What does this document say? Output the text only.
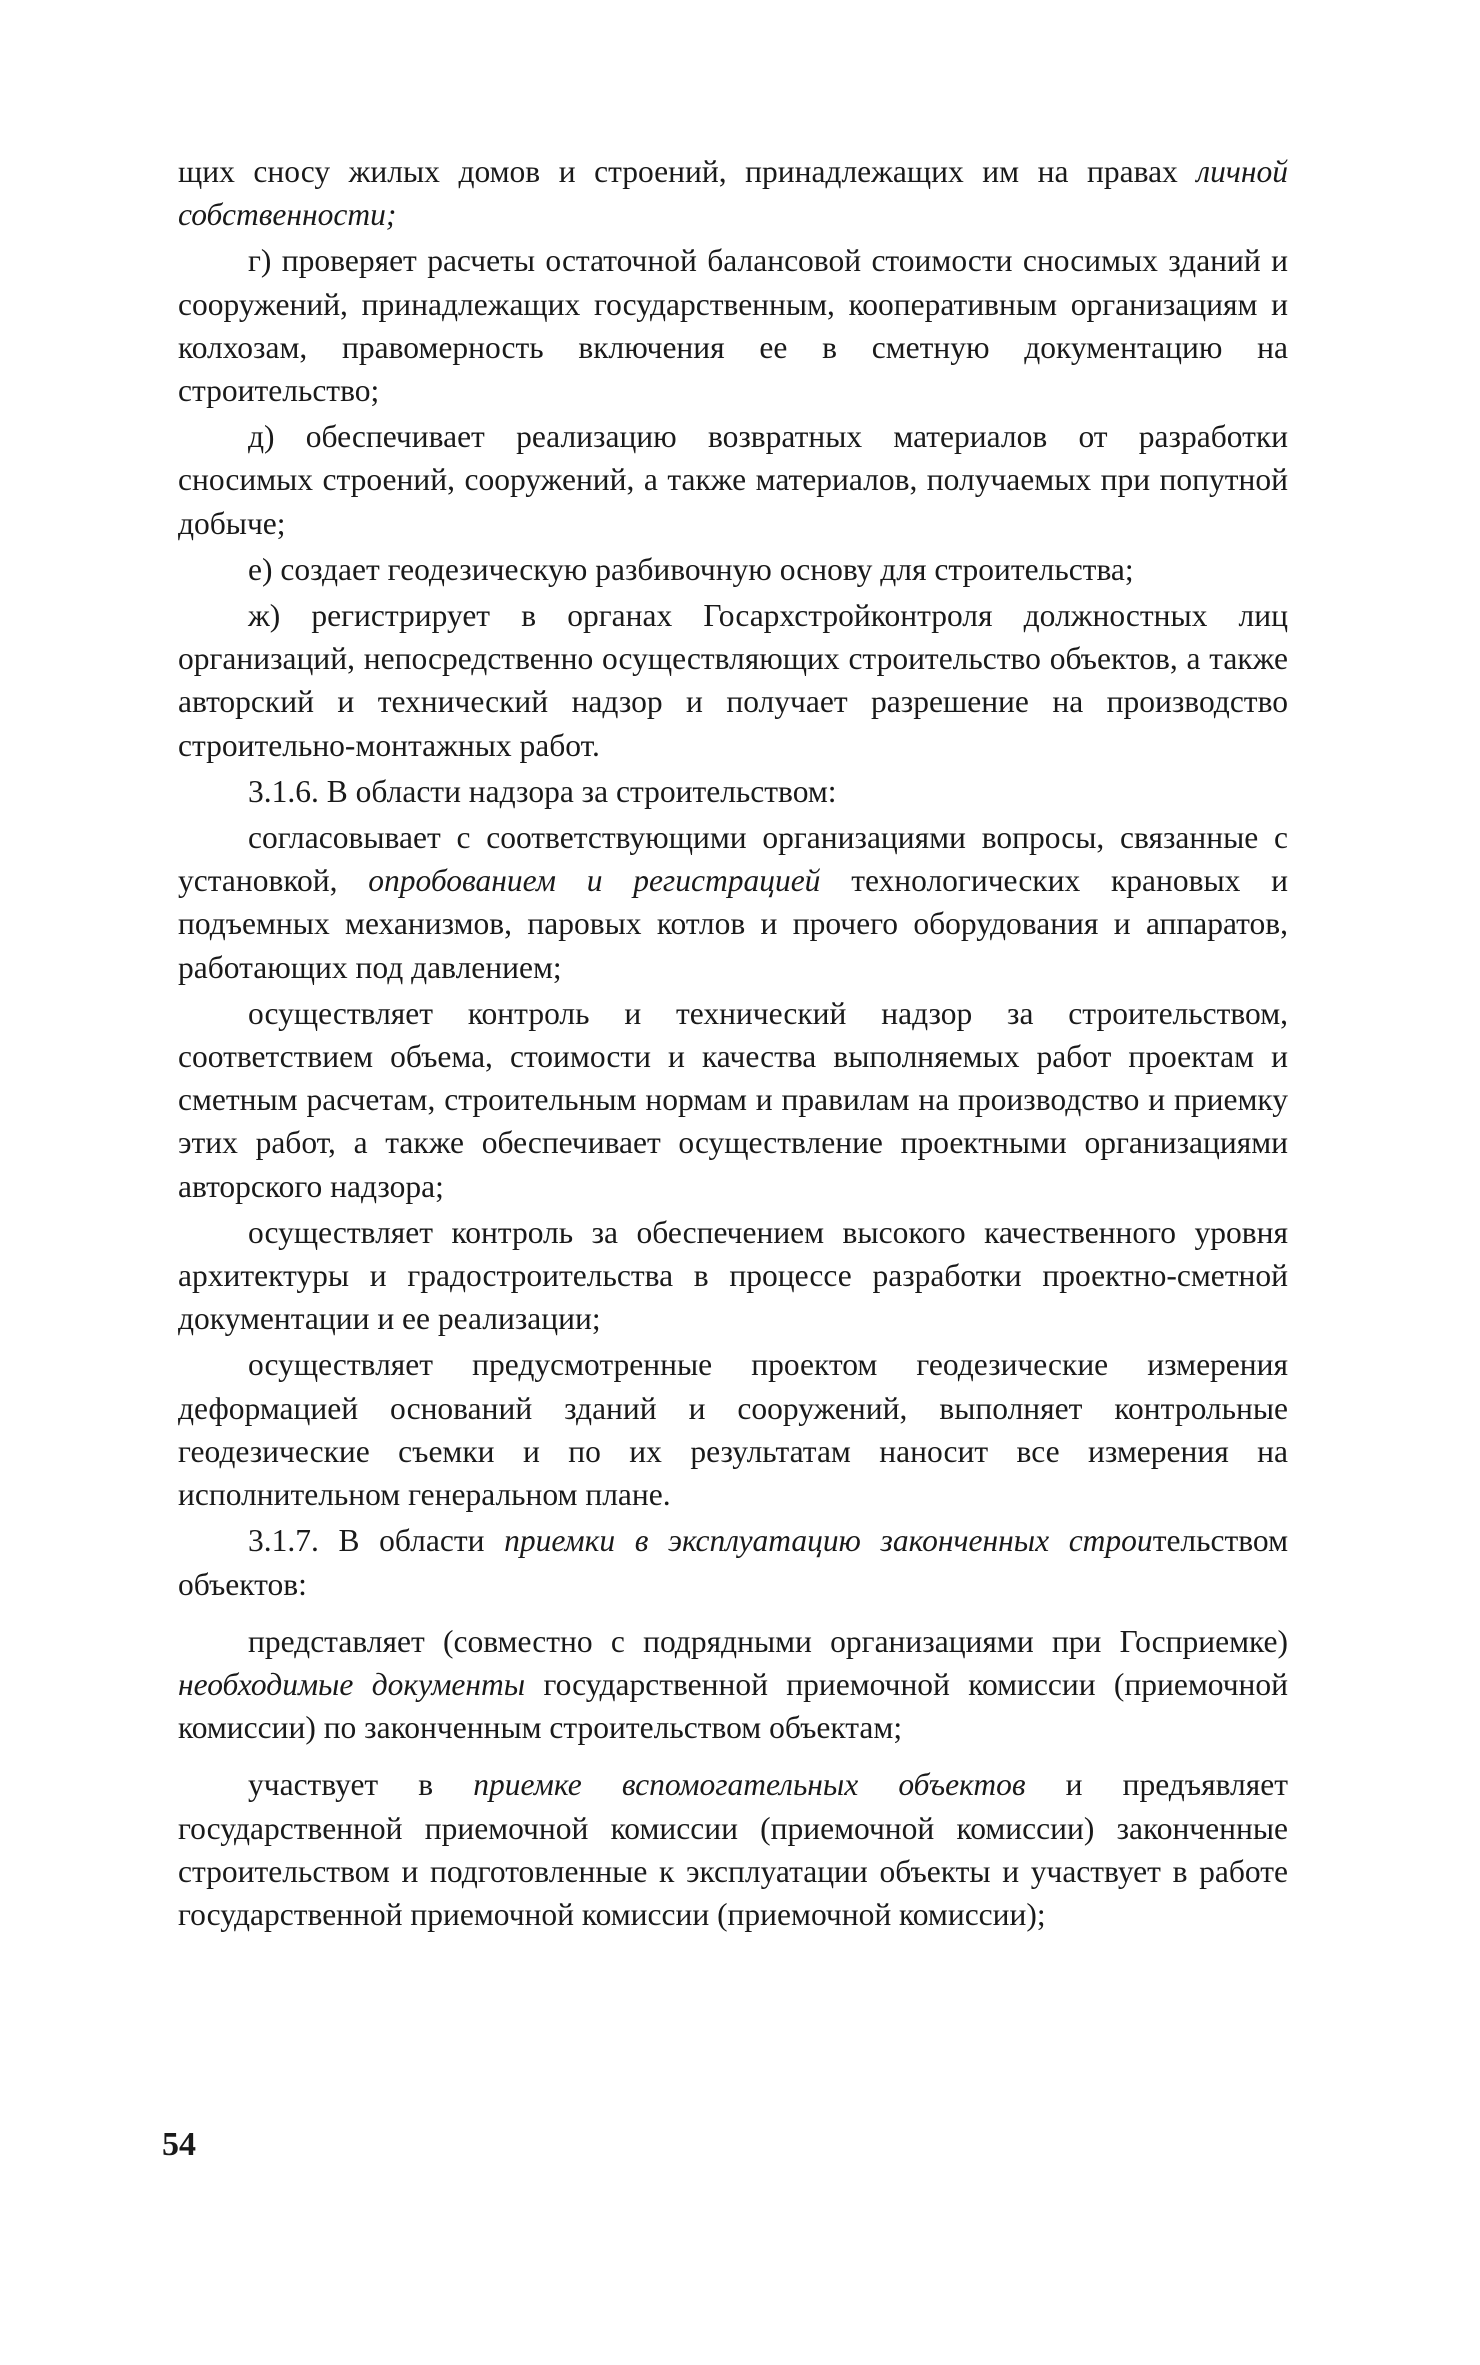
щих сносу жилых домов и строений, принадлежащих им на правах личной собственности;

г) проверяет расчеты остаточной балансовой стоимости сносимых зданий и сооружений, принадлежащих государственным, кооперативным организациям и колхозам, правомерность включения ее в сметную документацию на строительство;

д) обеспечивает реализацию возвратных материалов от разработки сносимых строений, сооружений, а также материалов, получаемых при попутной добыче;

е) создает геодезическую разбивочную основу для строительства;

ж) регистрирует в органах Госархстройконтроля должностных лиц организаций, непосредственно осуществляющих строительство объектов, а также авторский и технический надзор и получает разрешение на производство строительно-монтажных работ.

3.1.6. В области надзора за строительством:

согласовывает с соответствующими организациями вопросы, связанные с установкой, опробованием и регистрацией технологических крановых и подъемных механизмов, паровых котлов и прочего оборудования и аппаратов, работающих под давлением;

осуществляет контроль и технический надзор за строительством, соответствием объема, стоимости и качества выполняемых работ проектам и сметным расчетам, строительным нормам и правилам на производство и приемку этих работ, а также обеспечивает осуществление проектными организациями авторского надзора;

осуществляет контроль за обеспечением высокого качественного уровня архитектуры и градостроительства в процессе разработки проектно-сметной документации и ее реализации;

осуществляет предусмотренные проектом геодезические измерения деформацией оснований зданий и сооружений, выполняет контрольные геодезические съемки и по их результатам наносит все измерения на исполнительном генеральном плане.

3.1.7. В области приемки в эксплуатацию законченных строительством объектов:

представляет (совместно с подрядными организациями при Госприемке) необходимые документы государственной приемочной комиссии (приемочной комиссии) по законченным строительством объектам;

участвует в приемке вспомогательных объектов и предъявляет государственной приемочной комиссии (приемочной комиссии) законченные строительством и подготовленные к эксплуатации объекты и участвует в работе государственной приемочной комиссии (приемочной комиссии);

54
